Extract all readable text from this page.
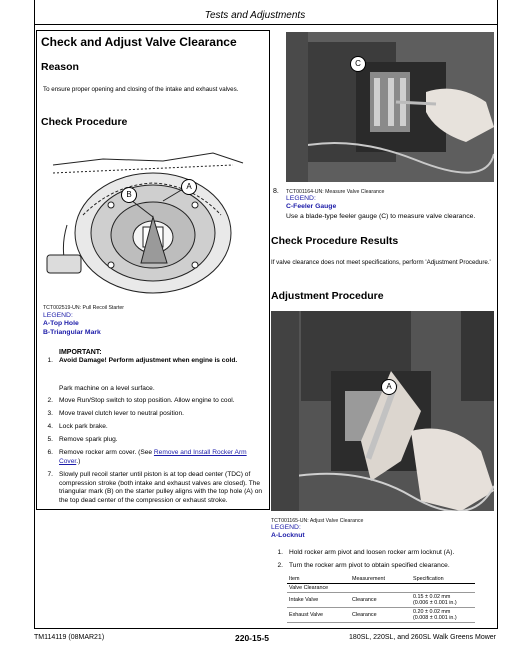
Tests and Adjustments
Check and Adjust Valve Clearance
Reason
To ensure proper opening and closing of the intake and exhaust valves.
Check Procedure
A
B
TCT002519-UN: Pull Recoil Starter
LEGEND:
A-Top Hole
B-Triangular Mark
IMPORTANT:
1. Avoid Damage! Perform adjustment when engine is cold.
Park machine on a level surface.
2. Move Run/Stop switch to stop position. Allow engine to cool.
3. Move travel clutch lever to neutral position.
4. Lock park brake.
5. Remove spark plug.
6. Remove rocker arm cover. (See Remove and Install Rocker Arm Cover.)
7. Slowly pull recoil starter until piston is at top dead center (TDC) of compression stroke (both intake and exhaust valves are closed). The triangular mark (B) on the starter pulley aligns with the top hole (A) on the top dead center of the compression or exhaust stroke.
C
8. TCT001164-UN: Measure Valve Clearance
LEGEND:
C-Feeler Gauge
Use a blade-type feeler gauge (C) to measure valve clearance.
Check Procedure Results
If valve clearance does not meet specifications, perform 'Adjustment Procedure.'
Adjustment Procedure
A
TCT001165-UN: Adjust Valve Clearance
LEGEND:
A-Locknut
1. Hold rocker arm pivot and loosen rocker arm locknut (A).
2. Turn the rocker arm pivot to obtain specified clearance.
Item	Measurement	Specification
Valve Clearance		
Intake Valve	Clearance	0.15 ± 0.02 mm
(0.006 ± 0.001 in.)

Exhaust Valve	Clearance	0.20 ± 0.02 mm
(0.008 ± 0.001 in.)
TM114119 (08MAR21)	220-15-5	180SL, 220SL, and 260SL Walk Greens Mower
